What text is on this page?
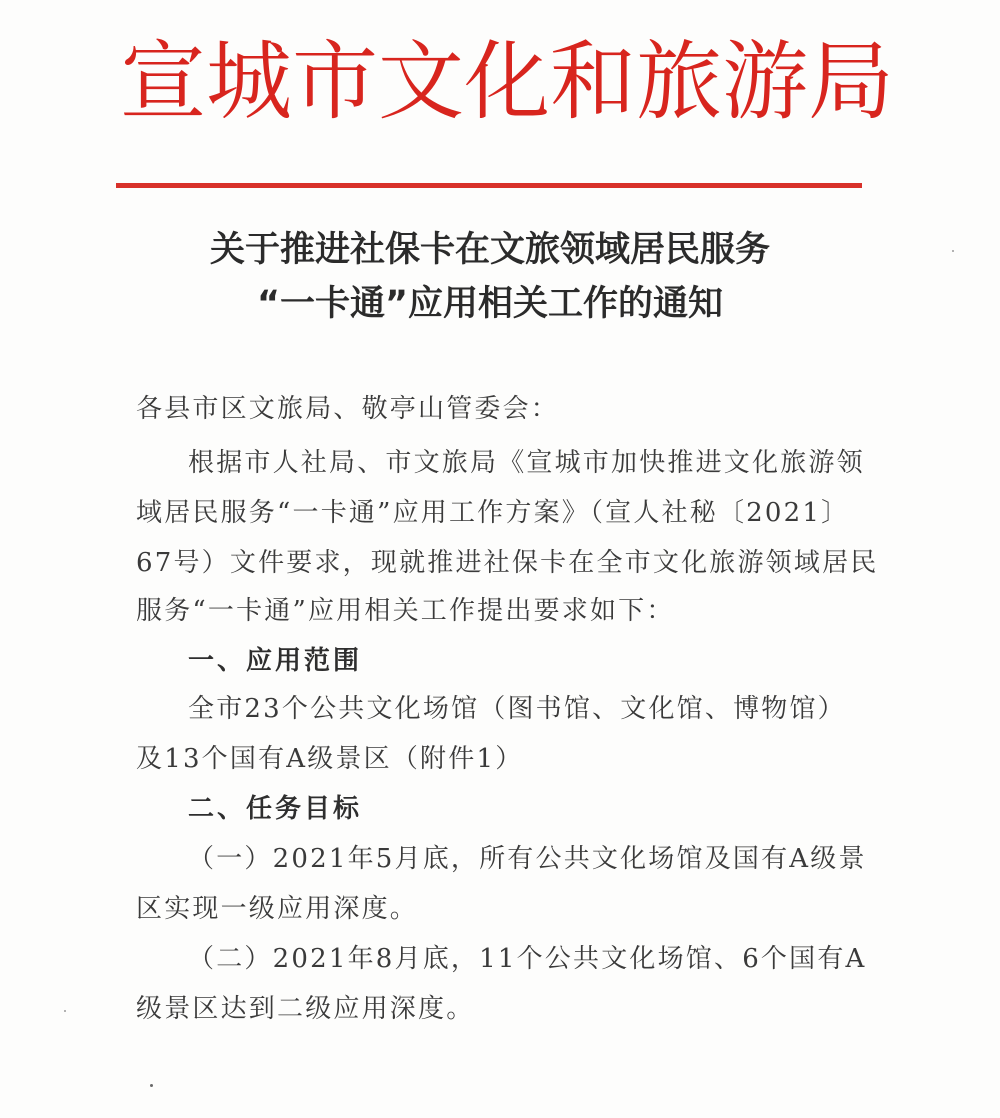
宣城市文化和旅游局
关于推进社保卡在文旅领域居民服务
“一卡通”应用相关工作的通知
各县市区文旅局、敬亭山管委会：
根据市人社局、市文旅局《宣城市加快推进文化旅游领
域居民服务“一卡通”应用工作方案》（宣人社秘〔2021〕
67号）文件要求，现就推进社保卡在全市文化旅游领域居民
服务“一卡通”应用相关工作提出要求如下：
一、应用范围
全市23个公共文化场馆（图书馆、文化馆、博物馆）
及13个国有A级景区（附件1）
二、任务目标
（一）2021年5月底，所有公共文化场馆及国有A级景
区实现一级应用深度。
（二）2021年8月底，11个公共文化场馆、6个国有A
级景区达到二级应用深度。
